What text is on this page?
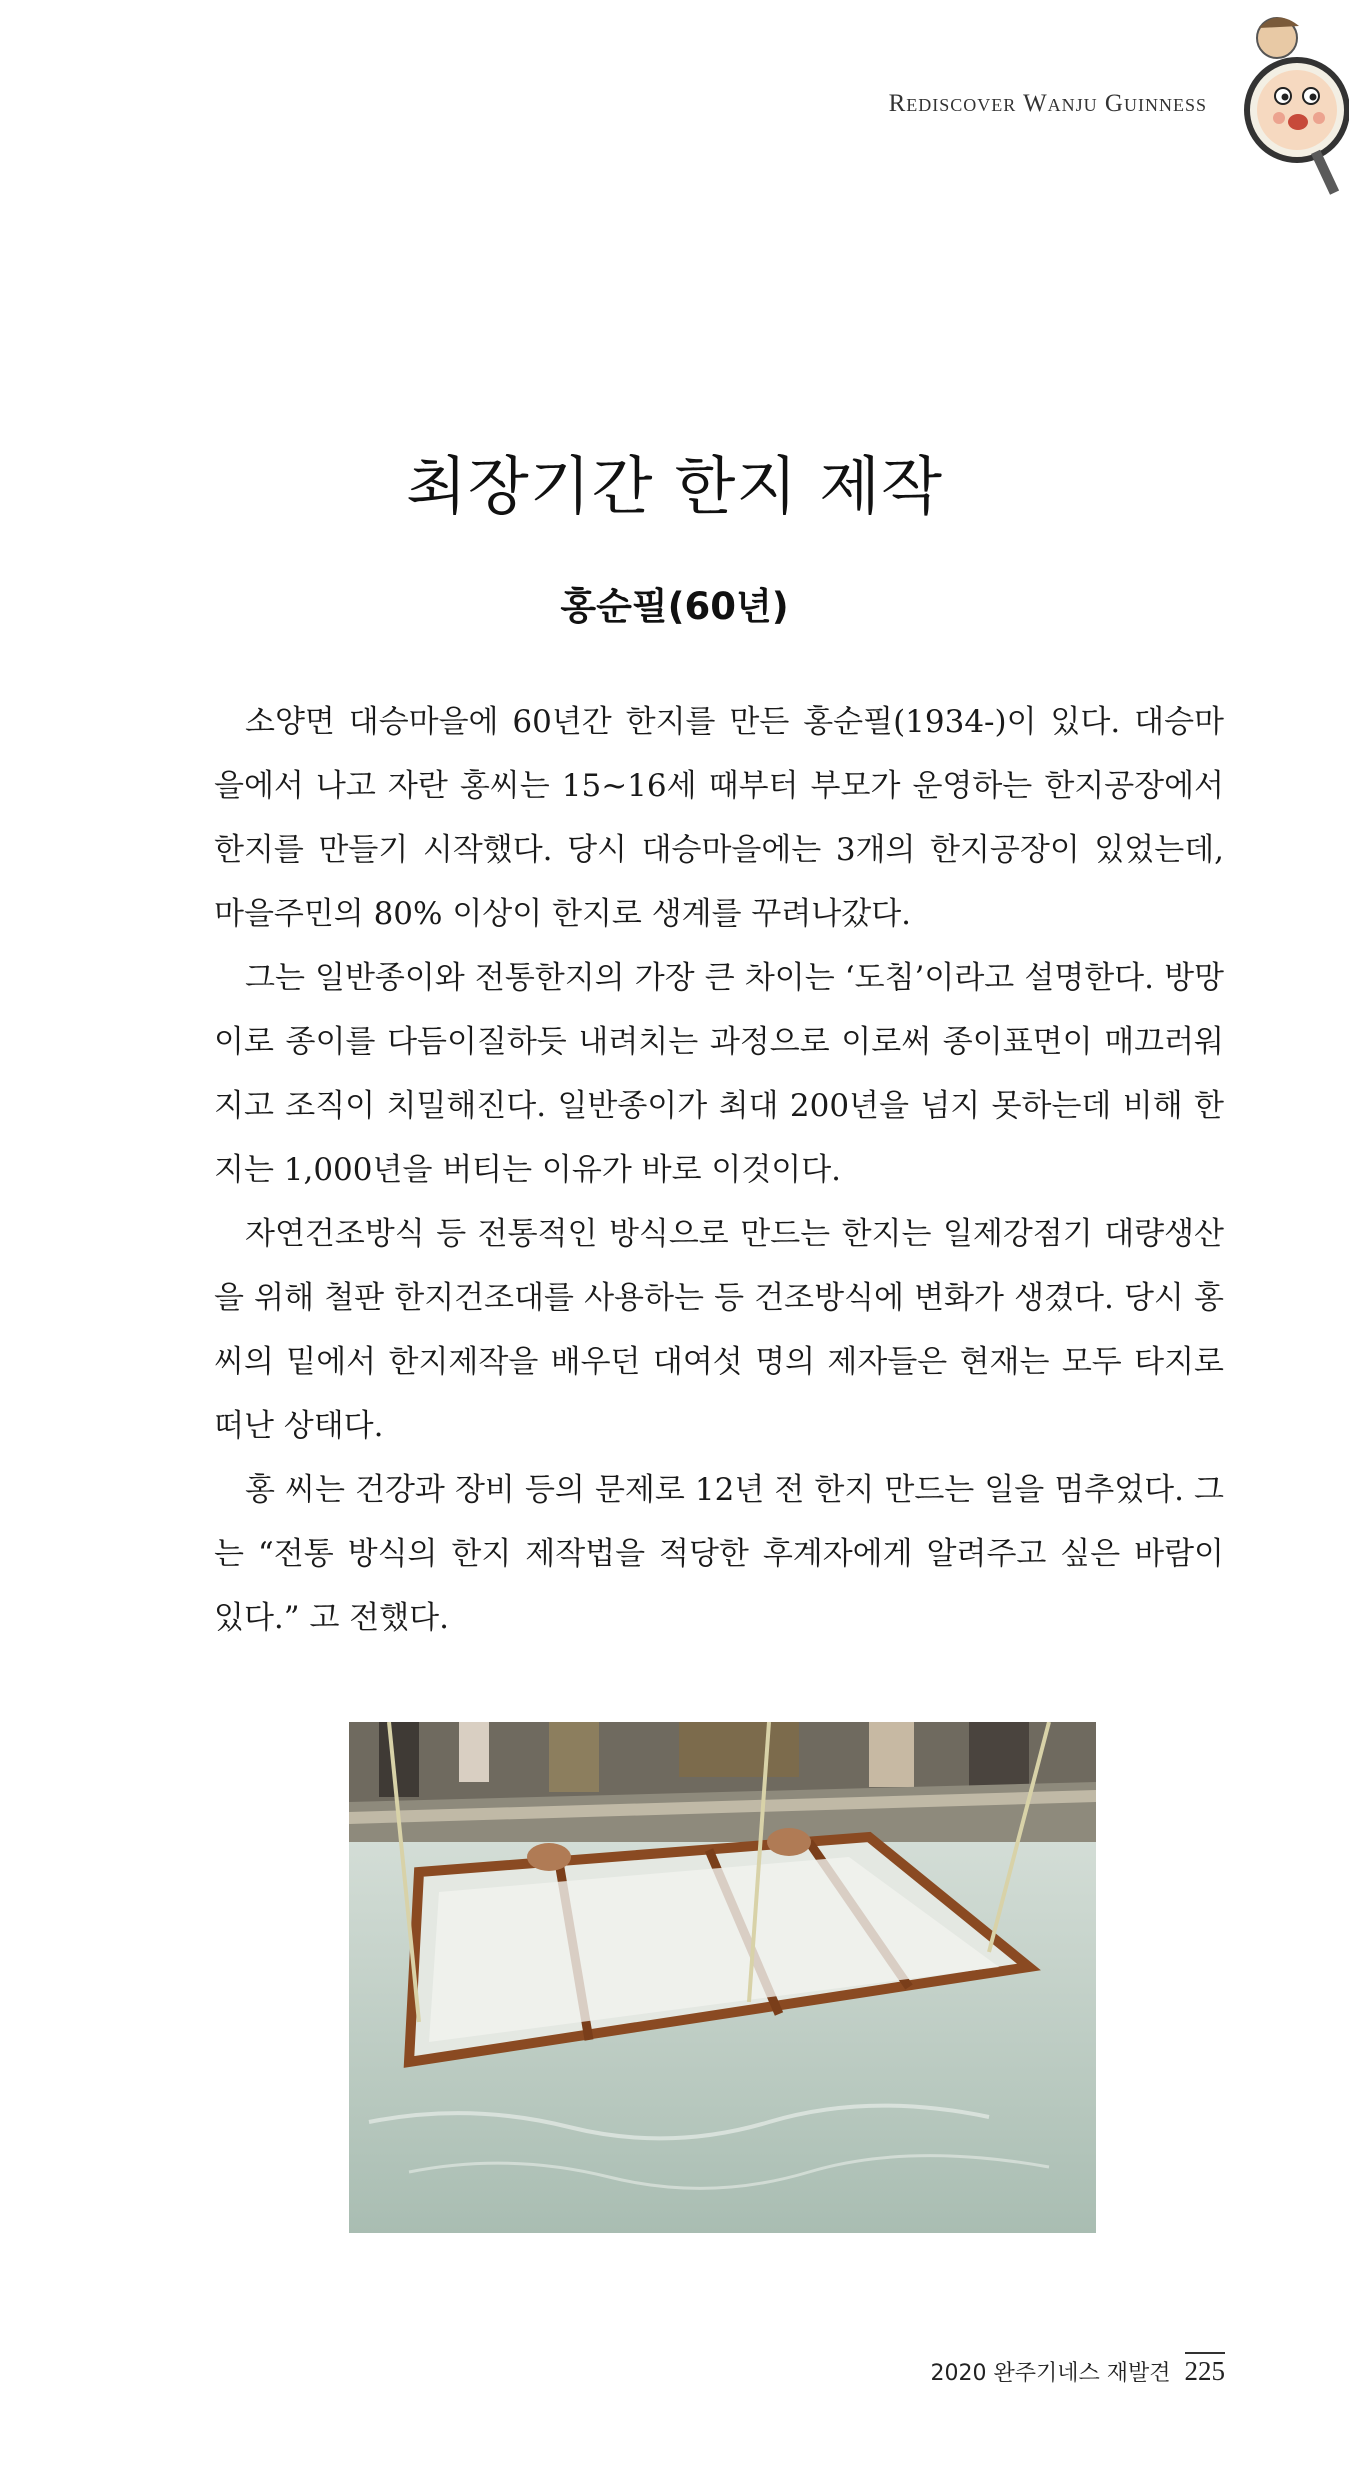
Rediscover Wanju Guinness
최장기간 한지 제작
홍순필(60년)

소양면 대승마을에 60년간 한지를 만든 홍순필(1934-)이 있다. 대승마을에서 나고 자란 홍씨는 15~16세 때부터 부모가 운영하는 한지공장에서 한지를 만들기 시작했다. 당시 대승마을에는 3개의 한지공장이 있었는데, 마을주민의 80% 이상이 한지로 생계를 꾸려나갔다.

그는 일반종이와 전통한지의 가장 큰 차이는 ‘도침’이라고 설명한다. 방망이로 종이를 다듬이질하듯 내려치는 과정으로 이로써 종이표면이 매끄러워지고 조직이 치밀해진다. 일반종이가 최대 200년을 넘지 못하는데 비해 한지는 1,000년을 버티는 이유가 바로 이것이다.

자연건조방식 등 전통적인 방식으로 만드는 한지는 일제강점기 대량생산을 위해 철판 한지건조대를 사용하는 등 건조방식에 변화가 생겼다. 당시 홍 씨의 밑에서 한지제작을 배우던 대여섯 명의 제자들은 현재는 모두 타지로 떠난 상태다.

홍 씨는 건강과 장비 등의 문제로 12년 전 한지 만드는 일을 멈추었다. 그는 “전통 방식의 한지 제작법을 적당한 후계자에게 알려주고 싶은 바람이 있다.” 고 전했다.

2020 완주기네스 재발견 225
